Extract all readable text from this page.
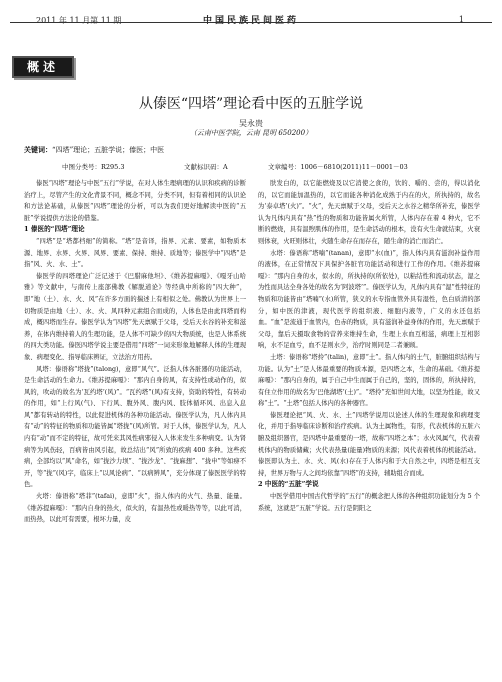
2011 年 11 月第 11 期	中国民族民间医药	1
概述
从傣医“四塔”理论看中医的五脏学说
吴永贵
（云南中医学院，云南 昆明 650200）
关键词：“四塔”理论；五脏学说；傣医；中医
中图分类号：R295.3	文献标识码：A	文章编号：1006－6810(2011)11－0001－03

傣医“四塔”理论与中医“五行”学说，在对人体生理病理的认识和疾病的诊断治疗上，尽管产生的文化背景不同，概念不同，分类不同，但有着相同的认识论和方法论基础，从傣医“四塔”理论的分析，可以为我们更好地解读中医的“五脏”学说提供方法论的借鉴。

1 傣医的“四塔”理论

“四塔”是“塔都档细”的简称。“塔”是音译，指界、元素、要素，如物质本源、地界、水界、火界、风界、要素、保持、维持、质地等；傣医学中“四塔”是指“风、火、水、土”。

傣医学的四塔理论广泛记述于《巴腊麻他坦》、《维苏提麻嘎》、《嘎牙山哈雅》等文献中，与南传上座部佛教《解脱道论》等经典中所称的“四大种”，即“地（土）、水、火、风”在许多方面的揣述上有相似之处。佛教认为世界上一切物质是由地（土）、水、火、风四种元素组合而成的，人体也是由此四塔而构成，概四塔而生存。傣医学认为“四塔”先天禀赋于父母，受后天水谷的补充和滋养，在体内维持着人的生理功能，是人体不可缺少的四大物质统，也是人体系统的四大类功能。傣医四塔学说主要是借用“四塔”一词来形象地解释人体的生理现象、病理变化、指导临床辨证，立法治方用药。

风塔：傣语称“塔拢”(talong)，意即“风气”。泛指人体各脏器的功能活动，是生命活动的生命力。《维苏提麻嘎》：“那内自身的风，有支持性或动作的，似风的，吹动的故名为‘瓦约塔’(风)”。“瓦约塔”(风)有支持，资助的特性，有转动的作用，如“上行风(气)、下行风、腹外风、腹内风、肢体循环风、出息入息风”都有转动的特性，以此促进机体的各种功能活动。傣医学认为，凡人体内具有“动”的特征的物质和功能皆属“塔拢”(风)所管。对于人体，傣医学认为，凡人内有“动”而不定的特征，故可凭来其风性病邪侵入人体来发生多种病变。认为肾病等为风伤轻，百病皆由风引起，故总结出“风”所致的疾病 400 多种。这些疾病，全部均以“风”命名，如“拢沙力坝”、“拢沙龙”、“拢麻想”、“拢申”等如痹不开，等“拢”(风)字，临床上“以风论病”、“以病辨风”，充分体现了傣医医学的特色。

火塔：傣语称“塔菲”(tafai)，意即“火”，指人体内的火气、热量、能量。《维苏提麻嘎》：“那内自身的热火，似火的，有温热性或暖热等等，以此可消，而热热，以此可有需要，根坏力量，皮

肤发白的，以它能燃烧及以它消使之食的，饮的、嚼的、尝的，得以消化的，以它而能加温热的，以它而能各种消化成熟于内在的火，所执持的，故名为‘泰卓塔’(火)”。“火”，先天禀赋于父母，受后天之水谷之精华所补充，傣医学认为凡体内具有“热”性的物质和功能皆属火所管，人体内存在着 4 种火，它不断的燃烧，具有温煦肌体的作用，是生命活动的根本，没有火生命就结束，火衰则体衰，火旺则体壮，火随生命存在而存在，随生命的消亡而消亡。

水塔：傣语称“塔喃”(tanan)，意即“水(血)”，指人体内具有滋润补益作用的液体，在正常情况下具保护各脏官功能活动和进行工作的作用。《维苏提麻嘎》：“那内自身的水，似水的，所执持的(所依处)，以粘结性和流动状态，湿之为性而具达全身各处的故名为‘阿波塔’”。傣医学认为，凡体内具有“湿”性特征的物质和功能皆由“塔喃”(水)所管，狭义的水专指血管外具有湿性，色白质清的部分，如中医的津液，现代医学的组织液、细胞内液等，广义的水还包括血。“血”是流通于血管内，色赤的物质，具有滋润补益身体的作用，先天禀赋于父母，靠后天摄取食物的营养来维持生命，生理上水血互相滋，病理上互相影响，水不足血亏，血不足则水少，治疗时则同是二者兼顾。

土塔：傣语称“塔拎”(talin)，意即“土”。指人体内的土气，脏腑组织结构与功能。认为“土”是人体最重要的物质本源，是四塔之本，生命的基础。《维苏提麻嘎》：“那内自身的，属于自己中生而属于自己的，坚的，固体的，所执持的，有住立作用的故名为‘巴他湖塔’(土)”。“塔拎”充如世间大地，以坚为性能，故又称“土”。“土塔”包括人体内的各种器官。

傣医理论把“风、火、水、土”四塔学说用以论述人体的生理现象和病理变化，并用于指导临床诊断和治疗疾病。认为土属物性，有形，代表机体的五脏六腑及组织器官，是四塔中最重要的一塔，故称“四塔之本”；水火风属气，代表着机体内的物质储藏；火代表热量(能量)物质的来源；风代表着机体的机能活动。傣医即认为土、水、火、风(水)存在于人体内和于大自然之中，四塔是相互支持，世界万物与人之间均依靠“四塔”的支持，辅助组合而成。

2 中医的“五脏”学说

中医学借用中国古代哲学的“五行”的概念把人体的各种组织功能划分为 5 个系统，这就是“五脏”学说。五行是阴阳之
